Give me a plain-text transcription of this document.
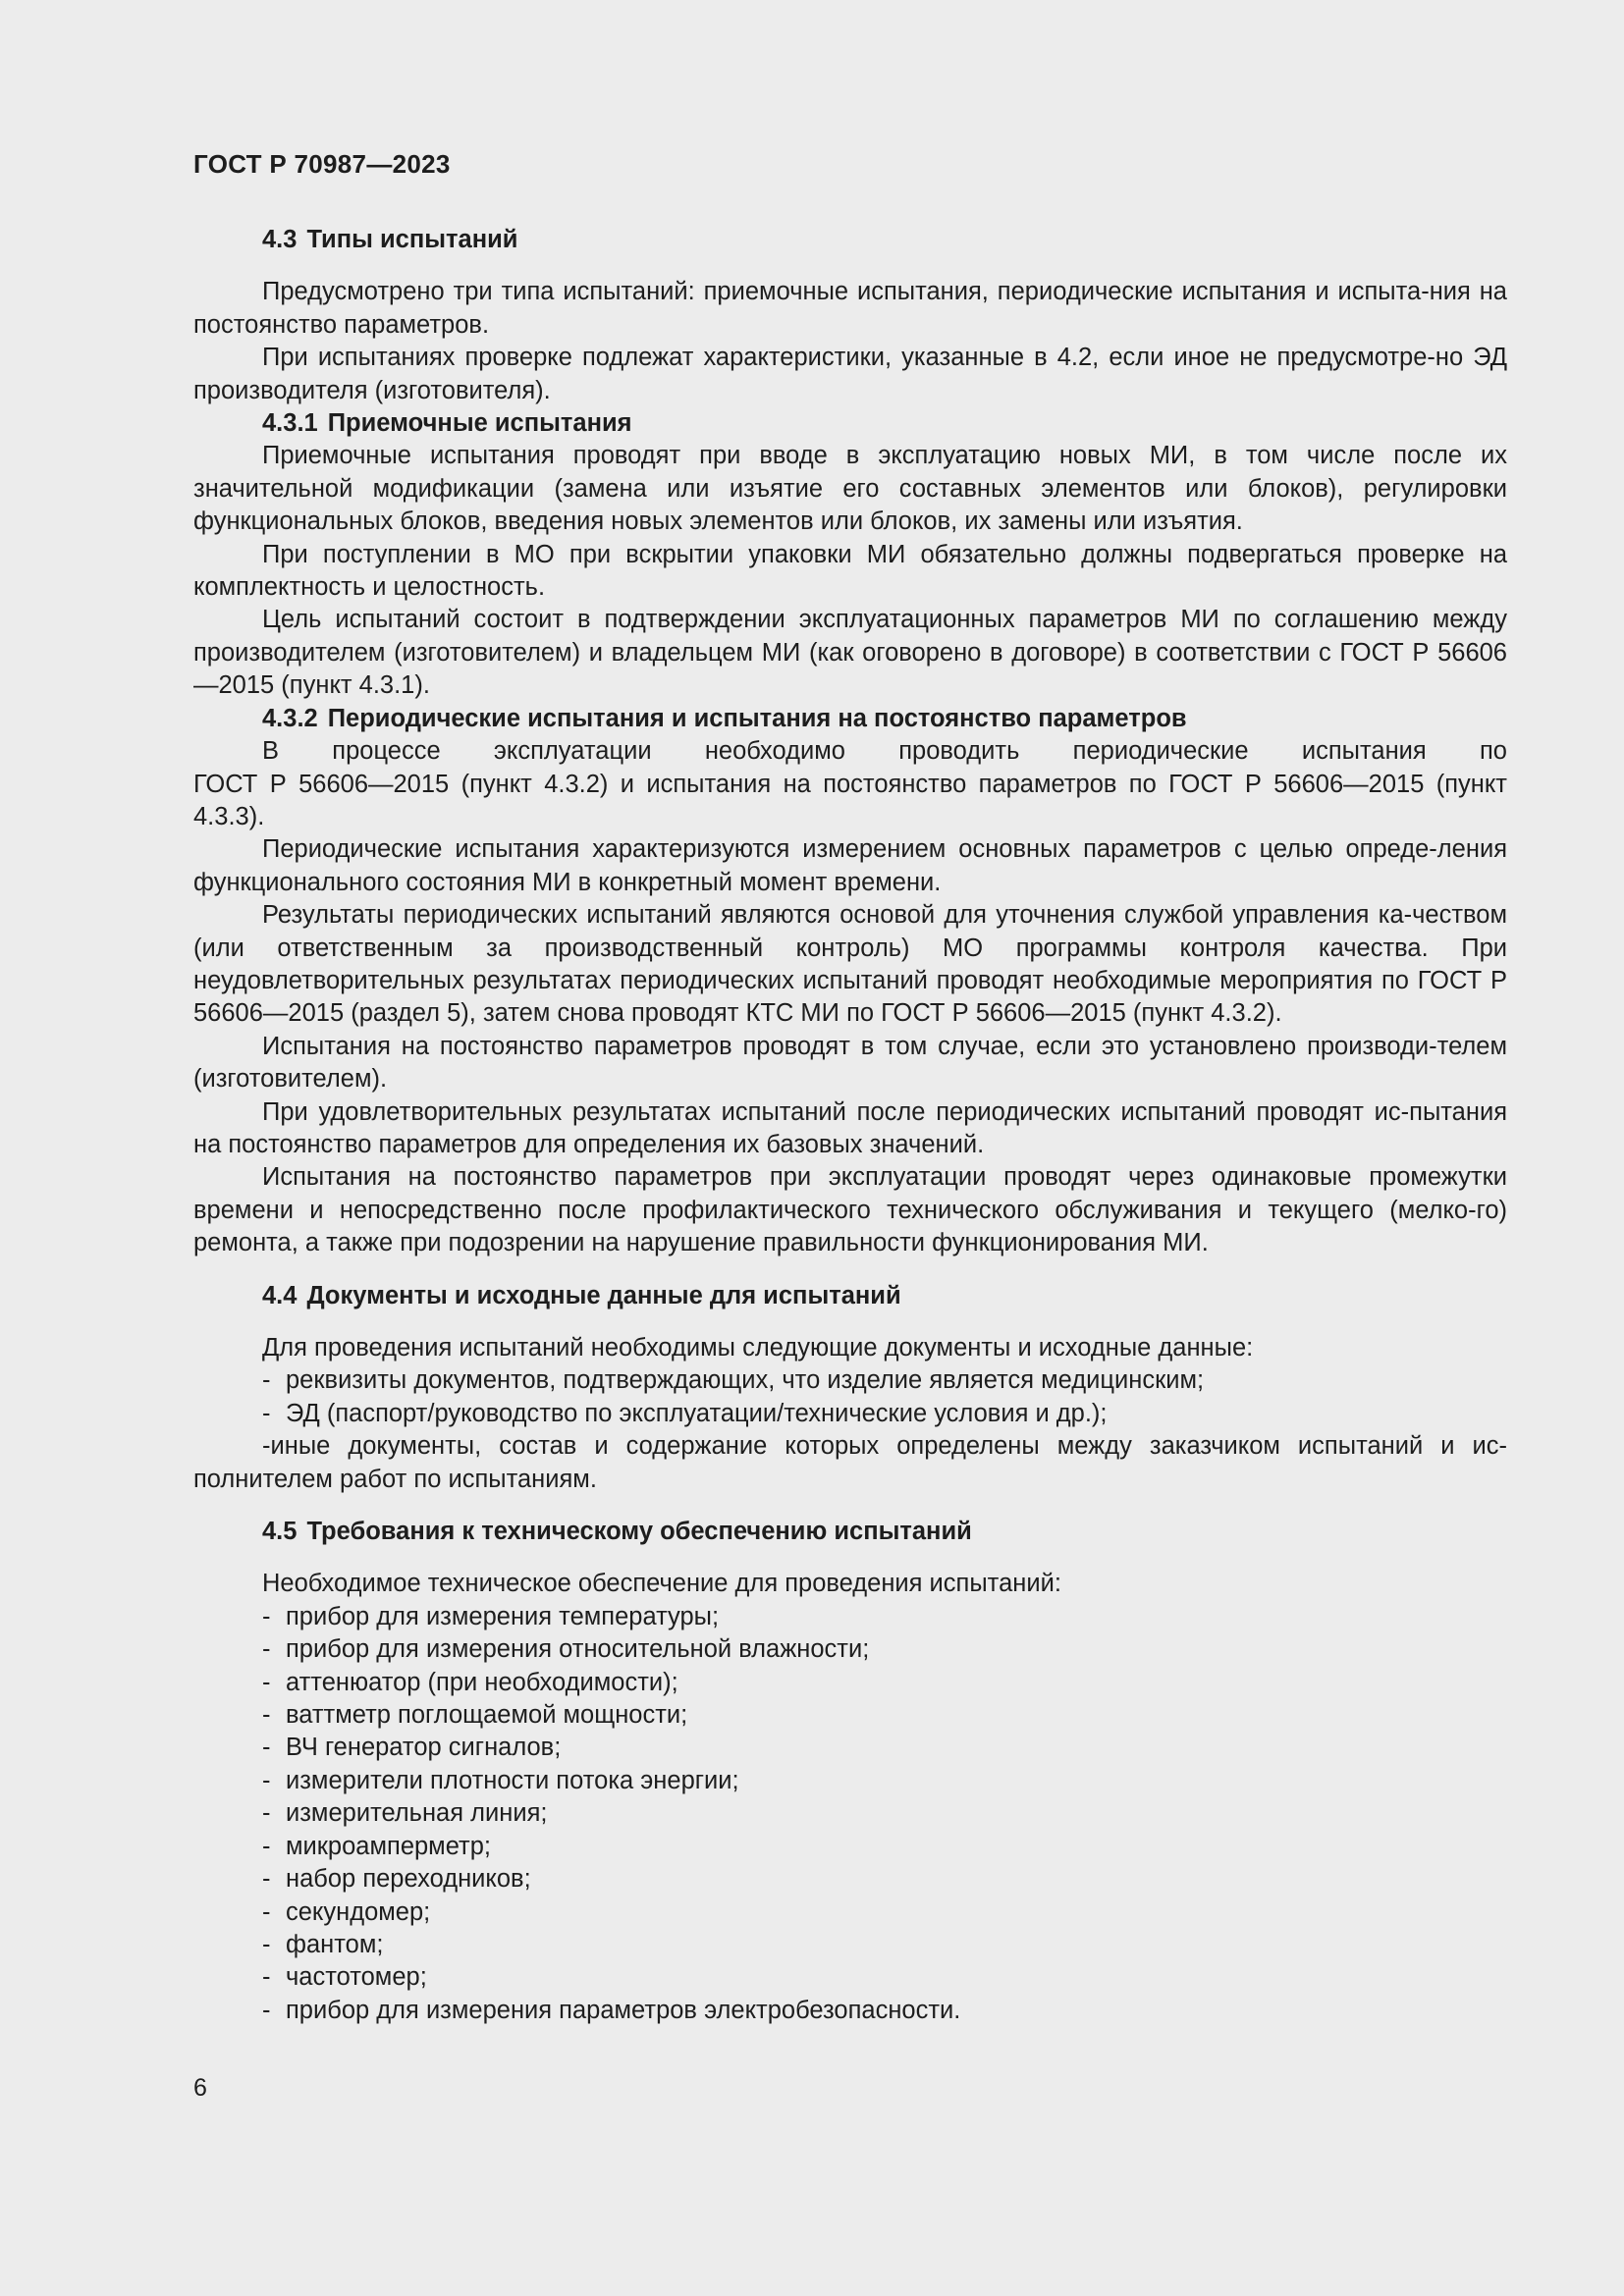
ГОСТ Р 70987—2023
4.3 Типы испытаний
Предусмотрено три типа испытаний: приемочные испытания, периодические испытания и испыта-ния на постоянство параметров.
При испытаниях проверке подлежат характеристики, указанные в 4.2, если иное не предусмотре-но ЭД производителя (изготовителя).
4.3.1 Приемочные испытания
Приемочные испытания проводят при вводе в эксплуатацию новых МИ, в том числе после их значительной модификации (замена или изъятие его составных элементов или блоков), регулировки функциональных блоков, введения новых элементов или блоков, их замены или изъятия.
При поступлении в МО при вскрытии упаковки МИ обязательно должны подвергаться проверке на комплектность и целостность.
Цель испытаний состоит в подтверждении эксплуатационных параметров МИ по соглашению между производителем (изготовителем) и владельцем МИ (как оговорено в договоре) в соответствии с ГОСТ Р 56606—2015 (пункт 4.3.1).
4.3.2 Периодические испытания и испытания на постоянство параметров
В процессе эксплуатации необходимо проводить периодические испытания по
ГОСТ Р 56606—2015 (пункт 4.3.2) и испытания на постоянство параметров по ГОСТ Р 56606—2015 (пункт 4.3.3).
Периодические испытания характеризуются измерением основных параметров с целью опреде-ления функционального состояния МИ в конкретный момент времени.
Результаты периодических испытаний являются основой для уточнения службой управления ка-чеством (или ответственным за производственный контроль) МО программы контроля качества. При неудовлетворительных результатах периодических испытаний проводят необходимые мероприятия по ГОСТ Р 56606—2015 (раздел 5), затем снова проводят КТС МИ по ГОСТ Р 56606—2015 (пункт 4.3.2).
Испытания на постоянство параметров проводят в том случае, если это установлено производи-телем (изготовителем).
При удовлетворительных результатах испытаний после периодических испытаний проводят ис-пытания на постоянство параметров для определения их базовых значений.
Испытания на постоянство параметров при эксплуатации проводят через одинаковые промежутки времени и непосредственно после профилактического технического обслуживания и текущего (мелко-го) ремонта, а также при подозрении на нарушение правильности функционирования МИ.
4.4 Документы и исходные данные для испытаний
Для проведения испытаний необходимы следующие документы и исходные данные:
- реквизиты документов, подтверждающих, что изделие является медицинским;
- ЭД (паспорт/руководство по эксплуатации/технические условия и др.);
-иные документы, состав и содержание которых определены между заказчиком испытаний и ис-полнителем работ по испытаниям.
4.5 Требования к техническому обеспечению испытаний
Необходимое техническое обеспечение для проведения испытаний:
- прибор для измерения температуры;
- прибор для измерения относительной влажности;
- аттенюатор (при необходимости);
- ваттметр поглощаемой мощности;
- ВЧ генератор сигналов;
- измерители плотности потока энергии;
- измерительная линия;
- микроамперметр;
- набор переходников;
- секундомер;
- фантом;
- частотомер;
- прибор для измерения параметров электробезопасности.
6
